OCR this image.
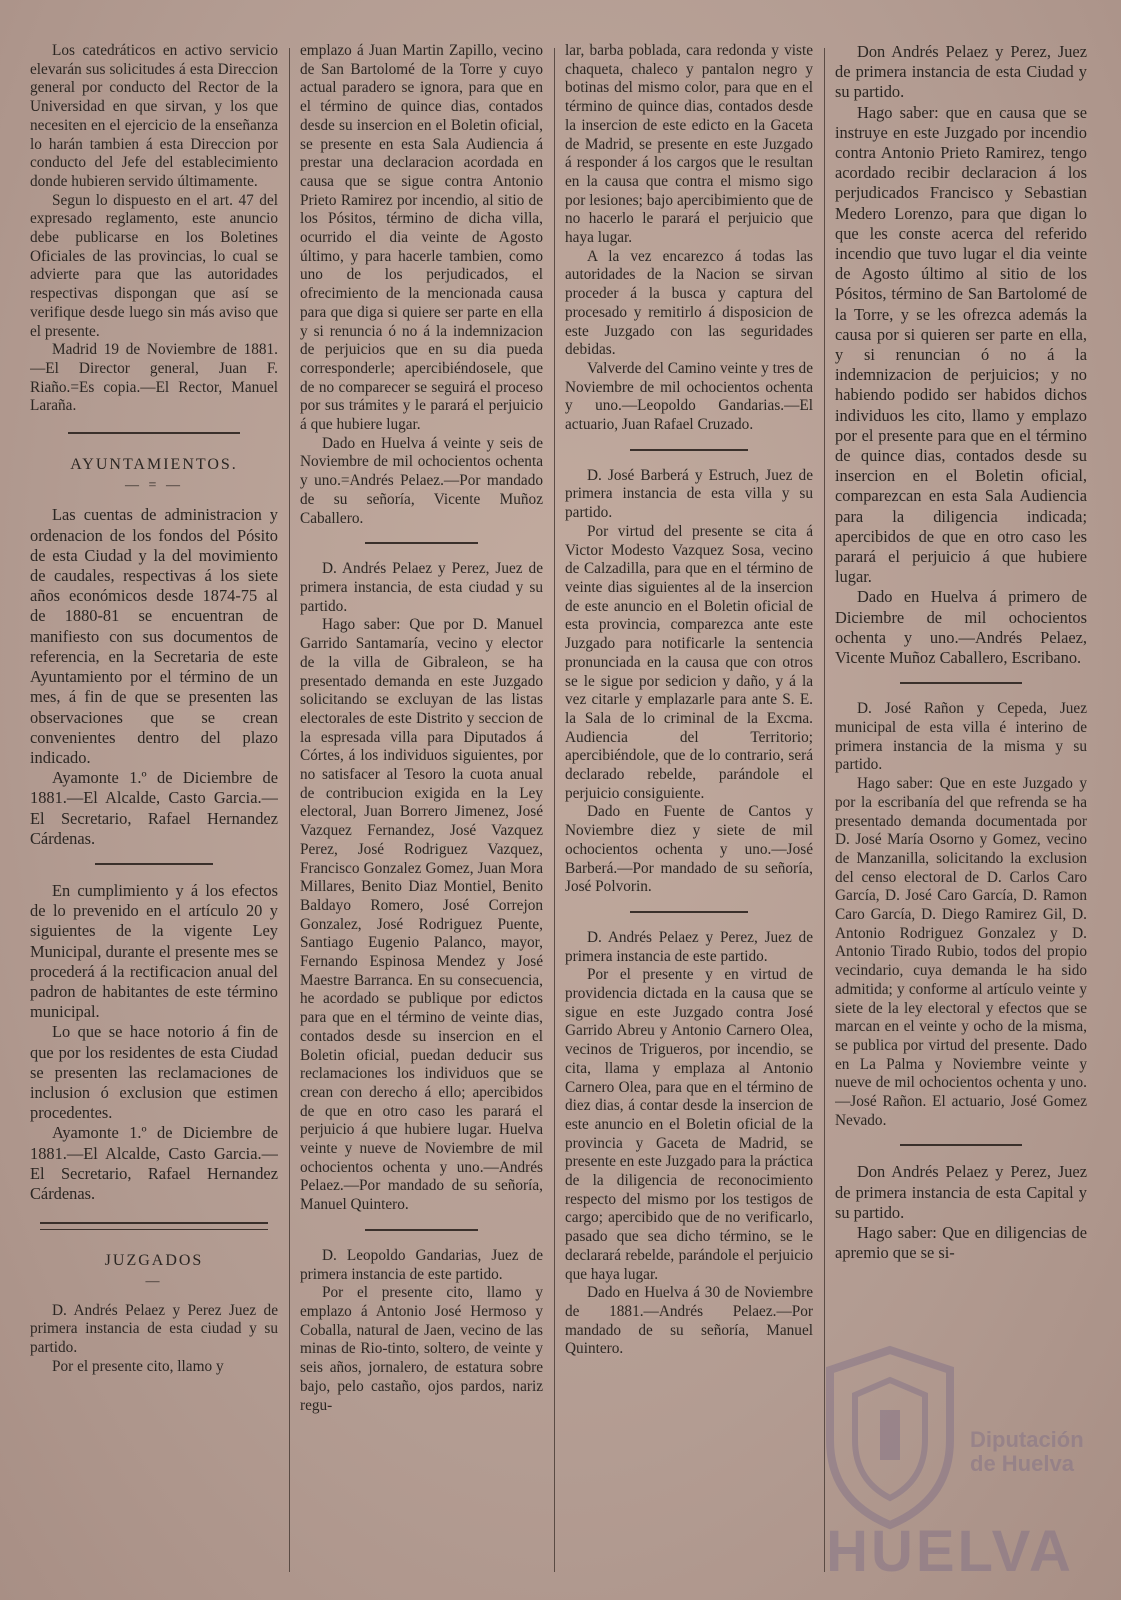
Los catedráticos en activo servicio elevarán sus solicitudes á esta Direccion general por conducto del Rector de la Universidad en que sirvan, y los que necesiten en el ejercicio de la enseñanza lo harán tambien á esta Direccion por conducto del Jefe del establecimiento donde hubieren servido últimamente.

Segun lo dispuesto en el art. 47 del expresado reglamento, este anuncio debe publicarse en los Boletines Oficiales de las provincias, lo cual se advierte para que las autoridades respectivas dispongan que así se verifique desde luego sin más aviso que el presente.

Madrid 19 de Noviembre de 1881.—El Director general, Juan F. Riaño.=Es copia.—El Rector, Manuel Laraña.

AYUNTAMIENTOS.
— = —

Las cuentas de administracion y ordenacion de los fondos del Pósito de esta Ciudad y la del movimiento de caudales, respectivas á los siete años económicos desde 1874-75 al de 1880-81 se encuentran de manifiesto con sus documentos de referencia, en la Secretaria de este Ayuntamiento por el término de un mes, á fin de que se presenten las observaciones que se crean convenientes dentro del plazo indicado.

Ayamonte 1.º de Diciembre de 1881.—El Alcalde, Casto Garcia.—El Secretario, Rafael Hernandez Cárdenas.

En cumplimiento y á los efectos de lo prevenido en el artículo 20 y siguientes de la vigente Ley Municipal, durante el presente mes se procederá á la rectificacion anual del padron de habitantes de este término municipal.

Lo que se hace notorio á fin de que por los residentes de esta Ciudad se presenten las reclamaciones de inclusion ó exclusion que estimen procedentes.

Ayamonte 1.º de Diciembre de 1881.—El Alcalde, Casto Garcia.—El Secretario, Rafael Hernandez Cárdenas.

JUZGADOS
—

D. Andrés Pelaez y Perez Juez de primera instancia de esta ciudad y su partido.

Por el presente cito, llamo y

emplazo á Juan Martin Zapillo, vecino de San Bartolomé de la Torre y cuyo actual paradero se ignora, para que en el término de quince dias, contados desde su insercion en el Boletin oficial, se presente en esta Sala Audiencia á prestar una declaracion acordada en causa que se sigue contra Antonio Prieto Ramirez por incendio, al sitio de los Pósitos, término de dicha villa, ocurrido el dia veinte de Agosto último, y para hacerle tambien, como uno de los perjudicados, el ofrecimiento de la mencionada causa para que diga si quiere ser parte en ella y si renuncia ó no á la indemnizacion de perjuicios que en su dia pueda corresponderle; apercibiéndosele, que de no comparecer se seguirá el proceso por sus trámites y le parará el perjuicio á que hubiere lugar.

Dado en Huelva á veinte y seis de Noviembre de mil ochocientos ochenta y uno.=Andrés Pelaez.—Por mandado de su señoría, Vicente Muñoz Caballero.

D. Andrés Pelaez y Perez, Juez de primera instancia, de esta ciudad y su partido.

Hago saber: Que por D. Manuel Garrido Santamaría, vecino y elector de la villa de Gibraleon, se ha presentado demanda en este Juzgado solicitando se excluyan de las listas electorales de este Distrito y seccion de la espresada villa para Diputados á Córtes, á los individuos siguientes, por no satisfacer al Tesoro la cuota anual de contribucion exigida en la Ley electoral, Juan Borrero Jimenez, José Vazquez Fernandez, José Vazquez Perez, José Rodriguez Vazquez, Francisco Gonzalez Gomez, Juan Mora Millares, Benito Diaz Montiel, Benito Baldayo Romero, José Correjon Gonzalez, José Rodriguez Puente, Santiago Eugenio Palanco, mayor, Fernando Espinosa Mendez y José Maestre Barranca. En su consecuencia, he acordado se publique por edictos para que en el término de veinte dias, contados desde su insercion en el Boletin oficial, puedan deducir sus reclamaciones los individuos que se crean con derecho á ello; apercibidos de que en otro caso les parará el perjuicio á que hubiere lugar. Huelva veinte y nueve de Noviembre de mil ochocientos ochenta y uno.—Andrés Pelaez.—Por mandado de su señoría, Manuel Quintero.

D. Leopoldo Gandarias, Juez de primera instancia de este partido.

Por el presente cito, llamo y emplazo á Antonio José Hermoso y Coballa, natural de Jaen, vecino de las minas de Rio-tinto, soltero, de veinte y seis años, jornalero, de estatura sobre bajo, pelo castaño, ojos pardos, nariz regu-

lar, barba poblada, cara redonda y viste chaqueta, chaleco y pantalon negro y botinas del mismo color, para que en el término de quince dias, contados desde la insercion de este edicto en la Gaceta de Madrid, se presente en este Juzgado á responder á los cargos que le resultan en la causa que contra el mismo sigo por lesiones; bajo apercibimiento que de no hacerlo le parará el perjuicio que haya lugar.

A la vez encarezco á todas las autoridades de la Nacion se sirvan proceder á la busca y captura del procesado y remitirlo á disposicion de este Juzgado con las seguridades debidas.

Valverde del Camino veinte y tres de Noviembre de mil ochocientos ochenta y uno.—Leopoldo Gandarias.—El actuario, Juan Rafael Cruzado.

D. José Barberá y Estruch, Juez de primera instancia de esta villa y su partido.

Por virtud del presente se cita á Victor Modesto Vazquez Sosa, vecino de Calzadilla, para que en el término de veinte dias siguientes al de la insercion de este anuncio en el Boletin oficial de esta provincia, comparezca ante este Juzgado para notificarle la sentencia pronunciada en la causa que con otros se le sigue por sedicion y daño, y á la vez citarle y emplazarle para ante S. E. la Sala de lo criminal de la Excma. Audiencia del Territorio; apercibiéndole, que de lo contrario, será declarado rebelde, parándole el perjuicio consiguiente.

Dado en Fuente de Cantos y Noviembre diez y siete de mil ochocientos ochenta y uno.—José Barberá.—Por mandado de su señoría, José Polvorin.

D. Andrés Pelaez y Perez, Juez de primera instancia de este partido.

Por el presente y en virtud de providencia dictada en la causa que se sigue en este Juzgado contra José Garrido Abreu y Antonio Carnero Olea, vecinos de Trigueros, por incendio, se cita, llama y emplaza al Antonio Carnero Olea, para que en el término de diez dias, á contar desde la insercion de este anuncio en el Boletin oficial de la provincia y Gaceta de Madrid, se presente en este Juzgado para la práctica de la diligencia de reconocimiento respecto del mismo por los testigos de cargo; apercibido que de no verificarlo, pasado que sea dicho término, se le declarará rebelde, parándole el perjuicio que haya lugar.

Dado en Huelva á 30 de Noviembre de 1881.—Andrés Pelaez.—Por mandado de su señoría, Manuel Quintero.

Don Andrés Pelaez y Perez, Juez de primera instancia de esta Ciudad y su partido.

Hago saber: que en causa que se instruye en este Juzgado por incendio contra Antonio Prieto Ramirez, tengo acordado recibir declaracion á los perjudicados Francisco y Sebastian Medero Lorenzo, para que digan lo que les conste acerca del referido incendio que tuvo lugar el dia veinte de Agosto último al sitio de los Pósitos, término de San Bartolomé de la Torre, y se les ofrezca además la causa por si quieren ser parte en ella, y si renuncian ó no á la indemnizacion de perjuicios; y no habiendo podido ser habidos dichos individuos les cito, llamo y emplazo por el presente para que en el término de quince dias, contados desde su insercion en el Boletin oficial, comparezcan en esta Sala Audiencia para la diligencia indicada; apercibidos de que en otro caso les parará el perjuicio á que hubiere lugar.

Dado en Huelva á primero de Diciembre de mil ochocientos ochenta y uno.—Andrés Pelaez, Vicente Muñoz Caballero, Escribano.

D. José Rañon y Cepeda, Juez municipal de esta villa é interino de primera instancia de la misma y su partido.

Hago saber: Que en este Juzgado y por la escribanía del que refrenda se ha presentado demanda documentada por D. José María Osorno y Gomez, vecino de Manzanilla, solicitando la exclusion del censo electoral de D. Carlos Caro García, D. José Caro García, D. Ramon Caro García, D. Diego Ramirez Gil, D. Antonio Rodriguez Gonzalez y D. Antonio Tirado Rubio, todos del propio vecindario, cuya demanda le ha sido admitida; y conforme al artículo veinte y siete de la ley electoral y efectos que se marcan en el veinte y ocho de la misma, se publica por virtud del presente. Dado en La Palma y Noviembre veinte y nueve de mil ochocientos ochenta y uno.—José Rañon. El actuario, José Gomez Nevado.

Don Andrés Pelaez y Perez, Juez de primera instancia de esta Capital y su partido.

Hago saber: Que en diligencias de apremio que se si-

Diputación
de Huelva
HUELVA
